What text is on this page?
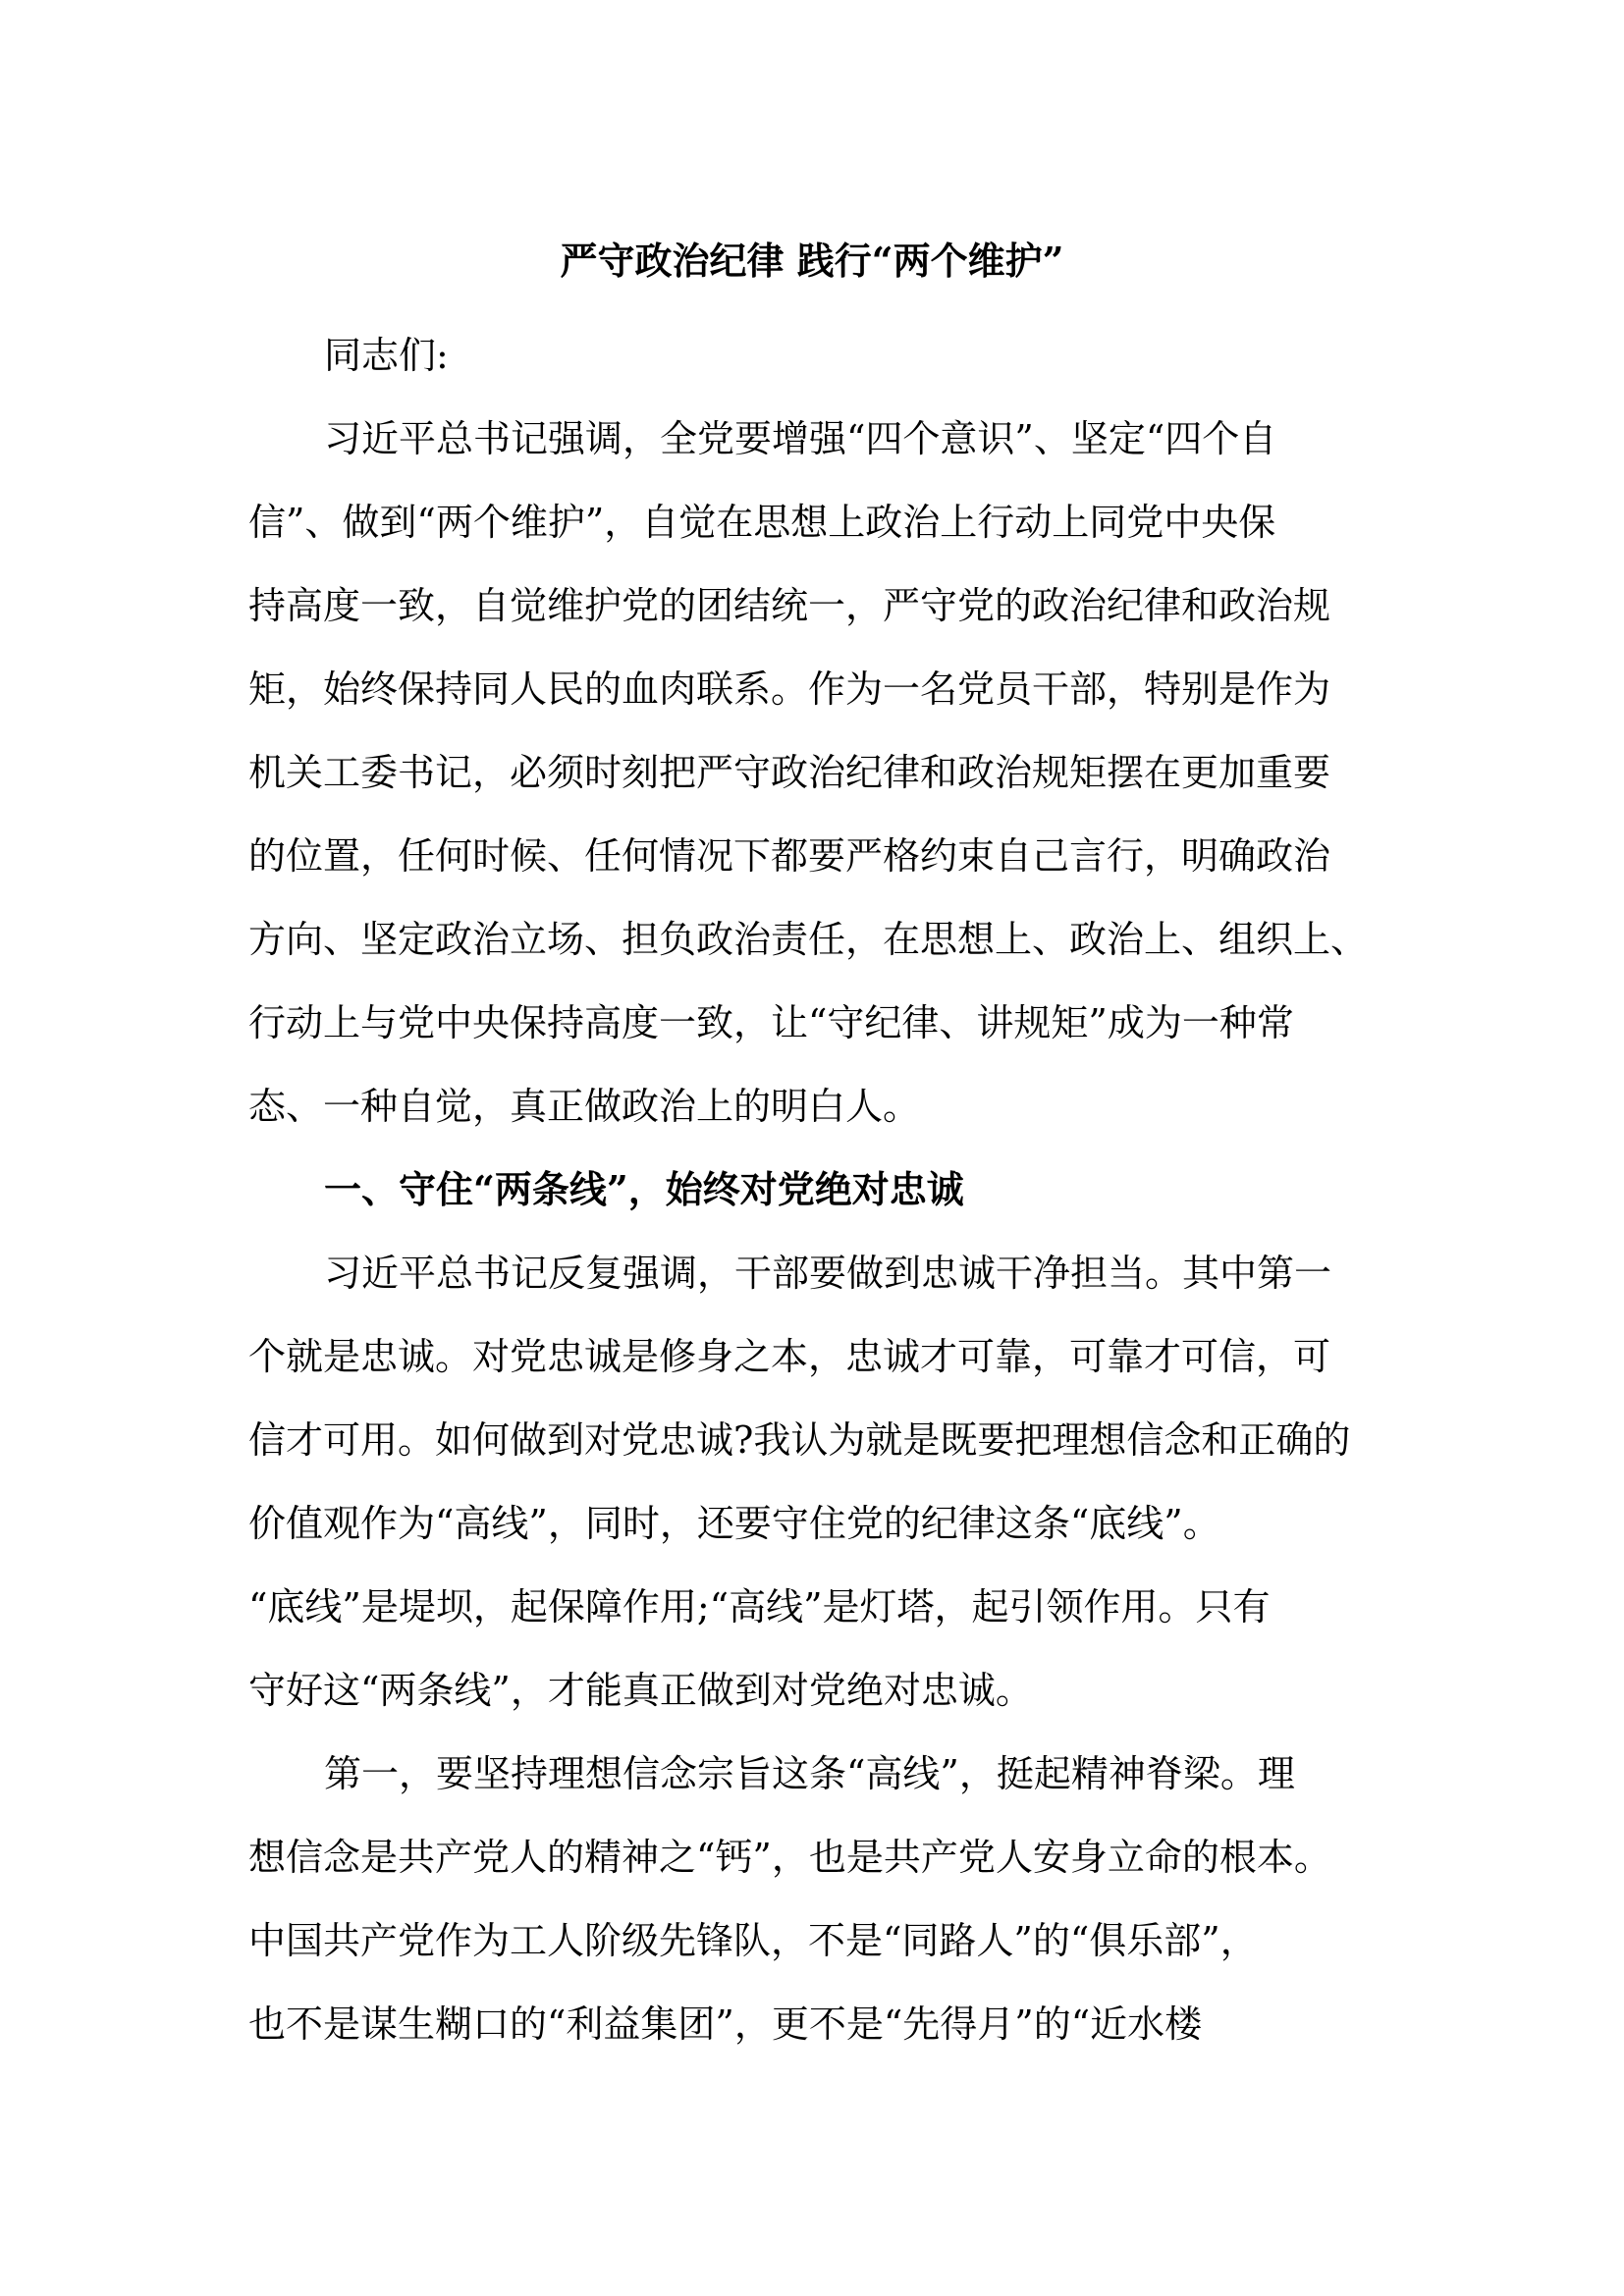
严守政治纪律 践行“两个维护”
同志们:
习近平总书记强调，全党要增强“四个意识”、坚定“四个自
信”、做到“两个维护”，自觉在思想上政治上行动上同党中央保
持高度一致，自觉维护党的团结统一，严守党的政治纪律和政治规
矩，始终保持同人民的血肉联系。作为一名党员干部，特别是作为
机关工委书记，必须时刻把严守政治纪律和政治规矩摆在更加重要
的位置，任何时候、任何情况下都要严格约束自己言行，明确政治
方向、坚定政治立场、担负政治责任，在思想上、政治上、组织上、
行动上与党中央保持高度一致，让“守纪律、讲规矩”成为一种常
态、一种自觉，真正做政治上的明白人。
一、守住“两条线”，始终对党绝对忠诚
习近平总书记反复强调，干部要做到忠诚干净担当。其中第一
个就是忠诚。对党忠诚是修身之本，忠诚才可靠，可靠才可信，可
信才可用。如何做到对党忠诚?我认为就是既要把理想信念和正确的
价值观作为“高线”，同时，还要守住党的纪律这条“底线”。
“底线”是堤坝，起保障作用;“高线”是灯塔，起引领作用。只有
守好这“两条线”，才能真正做到对党绝对忠诚。
第一，要坚持理想信念宗旨这条“高线”，挺起精神脊梁。理
想信念是共产党人的精神之“钙”，也是共产党人安身立命的根本。
中国共产党作为工人阶级先锋队，不是“同路人”的“俱乐部”，
也不是谋生糊口的“利益集团”，更不是“先得月”的“近水楼
